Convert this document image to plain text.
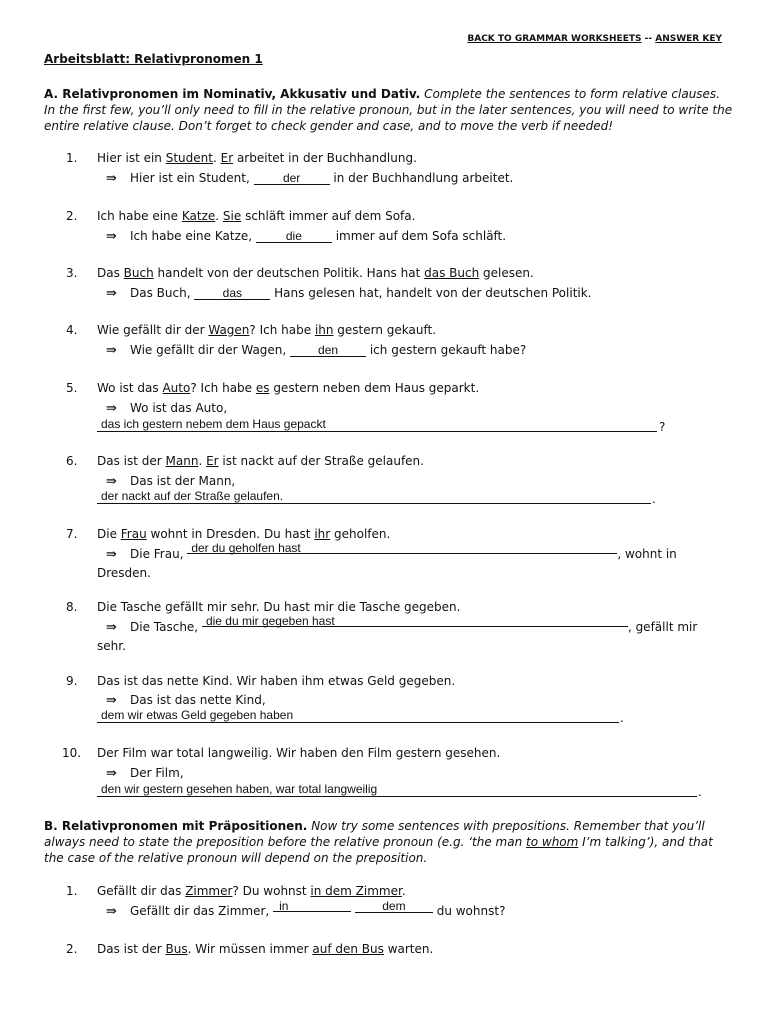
BACK TO GRAMMAR WORKSHEETS -- ANSWER KEY
Arbeitsblatt: Relativpronomen 1
A. Relativpronomen im Nominativ, Akkusativ und Dativ. Complete the sentences to form relative clauses. In the first few, you’ll only need to fill in the relative pronoun, but in the later sentences, you will need to write the entire relative clause. Don’t forget to check gender and case, and to move the verb if needed!
1.	Hier ist ein Student. Er arbeitet in der Buchhandlung.
⇛ Hier ist ein Student, der in der Buchhandlung arbeitet.
2.	Ich habe eine Katze. Sie schläft immer auf dem Sofa.
⇛ Ich habe eine Katze, die	immer auf dem Sofa schläft.
3.	Das Buch handelt von der deutschen Politik. Hans hat das Buch gelesen.
⇛ Das Buch, das Hans gelesen hat, handelt von der deutschen Politik.
4.	Wie gefällt dir der Wagen? Ich habe ihn gestern gekauft.
⇛ Wie gefällt dir der Wagen, den ich gestern gekauft habe?
5.	Wo ist das Auto? Ich habe es gestern neben dem Haus geparkt.
⇛ Wo ist das Auto,
das ich gestern nebem dem Haus gepackt	?
6.	Das ist der Mann. Er ist nackt auf der Straße gelaufen.
⇛ Das ist der Mann,
der nackt auf der Straße gelaufen.	.
7.	Die Frau wohnt in Dresden. Du hast ihr geholfen.
⇛ Die Frau, der du geholfen hast	, wohnt in
Dresden.
8.	Die Tasche gefällt mir sehr. Du hast mir die Tasche gegeben.
⇛ Die Tasche, die du mir gegeben hast	, gefällt mir
sehr.
9.	Das ist das nette Kind. Wir haben ihm etwas Geld gegeben.
⇛ Das ist das nette Kind,
dem wir etwas Geld gegeben haben	.
10. Der Film war total langweilig. Wir haben den Film gestern gesehen.
⇛ Der Film,
den wir gestern gesehen haben, war total langweilig	.
B. Relativpronomen mit Präpositionen. Now try some sentences with prepositions. Remember that you’ll always need to state the preposition before the relative pronoun (e.g. ‘the man to whom I’m talking’), and that the case of the relative pronoun will depend on the preposition.
1.	Gefällt dir das Zimmer? Du wohnst in dem Zimmer.
⇛ Gefällt dir das Zimmer, in	dem du wohnst?
2.	Das ist der Bus. Wir müssen immer auf den Bus warten.
